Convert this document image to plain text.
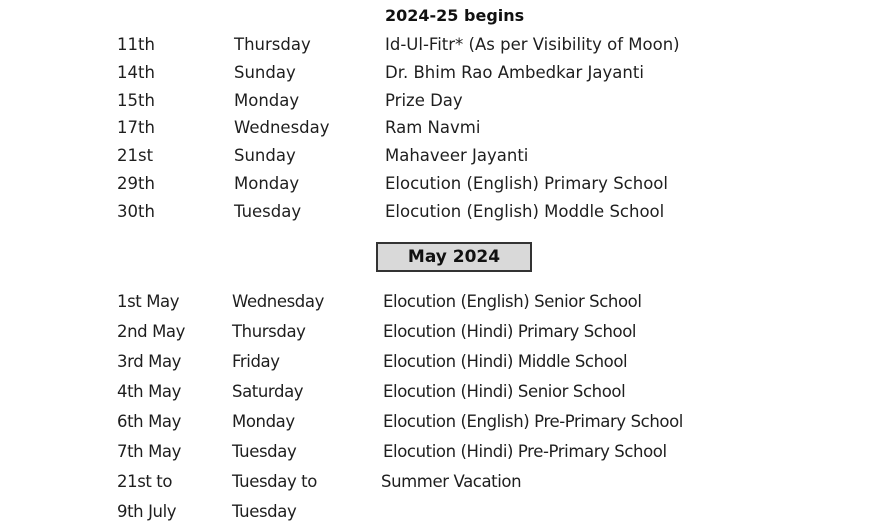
2024-25 begins
11th	Thursday	Id-Ul-Fitr* (As per Visibility of Moon)
14th	Sunday	Dr. Bhim Rao Ambedkar Jayanti
15th	Monday	Prize Day
17th	Wednesday	Ram Navmi
21st	Sunday	Mahaveer Jayanti
29th	Monday	Elocution (English) Primary School
30th	Tuesday	Elocution (English) Moddle School
May 2024
1st May	Wednesday	Elocution (English) Senior School
2nd May	Thursday	Elocution (Hindi) Primary School
3rd May	Friday	Elocution (Hindi) Middle School
4th May	Saturday	Elocution (Hindi) Senior School
6th May	Monday	Elocution (English) Pre-Primary School
7th May	Tuesday	Elocution (Hindi) Pre-Primary School
21st to	Tuesday to	Summer Vacation
9th July	Tuesday
